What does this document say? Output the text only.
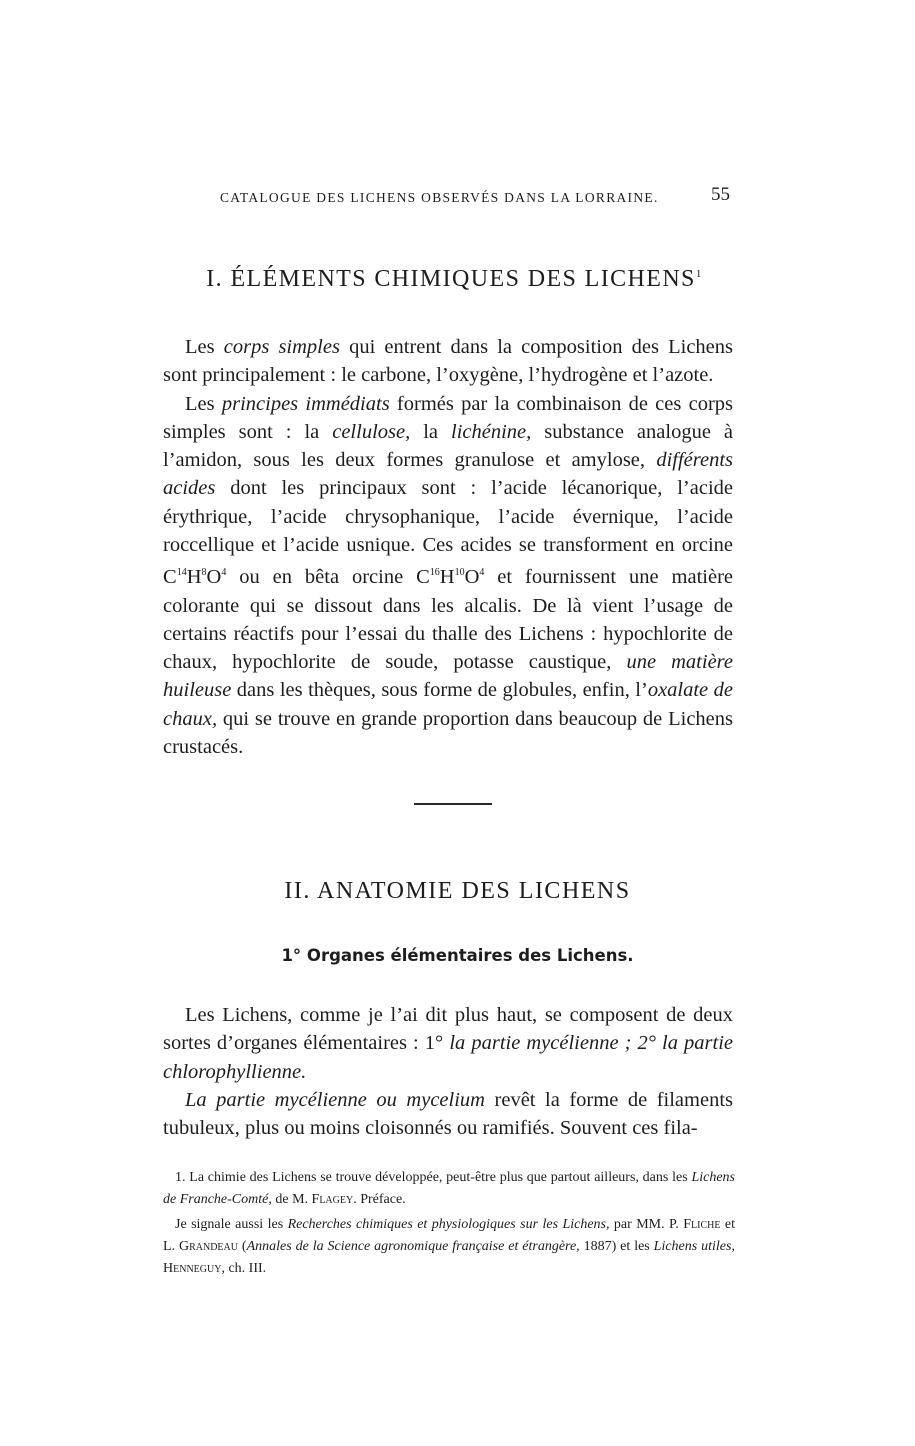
CATALOGUE DES LICHENS OBSERVÉS DANS LA LORRAINE.	55
I. ÉLÉMENTS CHIMIQUES DES LICHENS$^1$

Les corps simples qui entrent dans la composition des Lichens sont principalement : le carbone, l’oxygène, l’hydrogène et l’azote.

Les principes immédiats formés par la combinaison de ces corps simples sont : la cellulose, la lichénine, substance analogue à l’amidon, sous les deux formes granulose et amylose, différents acides dont les principaux sont : l’acide lécanorique, l’acide érythrique, l’acide chrysophanique, l’acide évernique, l’acide roccellique et l’acide usnique. Ces acides se transforment en orcine $C^{14}H^8O^4$ ou en bêta orcine $C^{16}H^{10}O^4$ et fournissent une matière colorante qui se dissout dans les alcalis. De là vient l’usage de certains réactifs pour l’essai du thalle des Lichens : hypochlorite de chaux, hypochlorite de soude, potasse caustique, une matière huileuse dans les thèques, sous forme de globules, enfin, l’oxalate de chaux, qui se trouve en grande proportion dans beaucoup de Lichens crustacés.

II. ANATOMIE DES LICHENS
1° Organes élémentaires des Lichens.

Les Lichens, comme je l’ai dit plus haut, se composent de deux sortes d’organes élémentaires : 1° la partie mycélienne ; 2° la partie chlorophyllienne.

La partie mycélienne ou mycelium revêt la forme de filaments tubuleux, plus ou moins cloisonnés ou ramifiés. Souvent ces fila-

1. La chimie des Lichens se trouve développée, peut-être plus que partout ailleurs, dans les Lichens de Franche-Comté, de M. Flagey. Préface.

Je signale aussi les Recherches chimiques et physiologiques sur les Lichens, par MM. P. Fliche et L. Grandeau (Annales de la Science agronomique française et étrangère, 1887) et les Lichens utiles, Henneguy, ch. III.
